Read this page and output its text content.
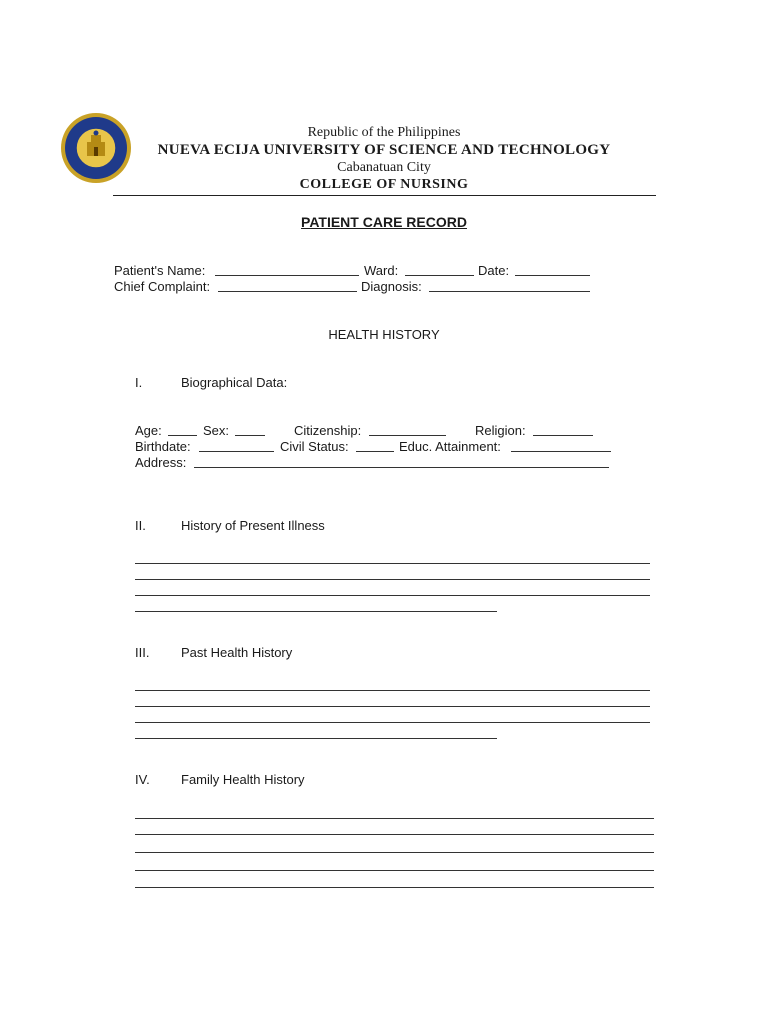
Republic of the Philippines
NUEVA ECIJA UNIVERSITY OF SCIENCE AND TECHNOLOGY
Cabanatuan City
COLLEGE OF NURSING
PATIENT CARE RECORD
Patient's Name:	Ward:	Date:
Chief Complaint:	Diagnosis:
HEALTH HISTORY
I.	Biographical Data:
Age:	Sex:	Citizenship:	Religion:
Birthdate:	Civil Status:	Educ. Attainment:
Address:
II.	History of Present Illness
III. Past Health History
IV. Family Health History
